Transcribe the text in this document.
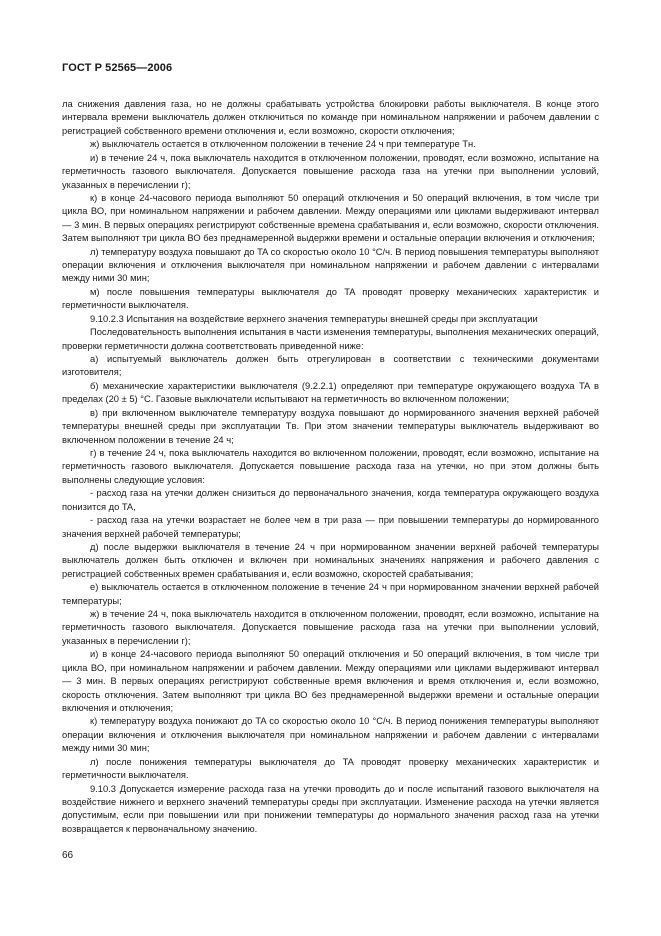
ГОСТ Р 52565—2006

ла снижения давления газа, но не должны срабатывать устройства блокировки работы выключателя. В конце этого интервала времени выключатель должен отключиться по команде при номинальном напряжении и рабочем давлении с регистрацией собственного времени отключения и, если возможно, скорости отключения;

ж) выключатель остается в отключенном положении в течение 24 ч при температуре Tн.

и) в течение 24 ч, пока выключатель находится в отключенном положении, проводят, если возможно, испытание на герметичность газового выключателя. Допускается повышение расхода газа на утечки при выполнении условий, указанных в перечислении г);

к) в конце 24-часового периода выполняют 50 операций отключения и 50 операций включения, в том числе три цикла ВО, при номинальном напряжении и рабочем давлении. Между операциями или циклами выдерживают интервал — 3 мин. В первых операциях регистрируют собственные времена срабатывания и, если возможно, скорости отключения. Затем выполняют три цикла ВО без преднамеренной выдержки времени и остальные операции включения и отключения;

л) температуру воздуха повышают до TA со скоростью около 10 °С/ч. В период повышения температуры выполняют операции включения и отключения выключателя при номинальном напряжении и рабочем давлении с интервалами между ними 30 мин;

м) после повышения температуры выключателя до TA проводят проверку механических характеристик и герметичности выключателя.

9.10.2.3 Испытания на воздействие верхнего значения температуры внешней среды при эксплуатации

Последовательность выполнения испытания в части изменения температуры, выполнения механических операций, проверки герметичности должна соответствовать приведенной ниже:

а) испытуемый выключатель должен быть отрегулирован в соответствии с техническими документами изготовителя;

б) механические характеристики выключателя (9.2.2.1) определяют при температуре окружающего воздуха TA в пределах (20 ± 5) °С. Газовые выключатели испытывают на герметичность во включенном положении;

в) при включенном выключателе температуру воздуха повышают до нормированного значения верхней рабочей температуры внешней среды при эксплуатации Tв. При этом значении температуры выключатель выдерживают во включенном положении в течение 24 ч;

г) в течение 24 ч, пока выключатель находится во включенном положении, проводят, если возможно, испытание на герметичность газового выключателя. Допускается повышение расхода газа на утечки, но при этом должны быть выполнены следующие условия:

- расход газа на утечки должен снизиться до первоначального значения, когда температура окружающего воздуха понизится до TA,

- расход газа на утечки возрастает не более чем в три раза — при повышении температуры до нормированного значения верхней рабочей температуры;

д) после выдержки выключателя в течение 24 ч при нормированном значении верхней рабочей температуры выключатель должен быть отключен и включен при номинальных значениях напряжения и рабочего давления с регистрацией собственных времен срабатывания и, если возможно, скоростей срабатывания;

е) выключатель остается в отключенном положение в течение 24 ч при нормированном значении верхней рабочей температуры;

ж) в течение 24 ч, пока выключатель находится в отключенном положении, проводят, если возможно, испытание на герметичность газового выключателя. Допускается повышение расхода газа на утечки при выполнении условий, указанных в перечислении г);

и) в конце 24-часового периода выполняют 50 операций отключения и 50 операций включения, в том числе три цикла ВО, при номинальном напряжении и рабочем давлении. Между операциями или циклами выдерживают интервал — 3 мин. В первых операциях регистрируют собственные время включения и время отключения и, если возможно, скорость отключения. Затем выполняют три цикла ВО без преднамеренной выдержки времени и остальные операции включения и отключения;

к) температуру воздуха понижают до TA со скоростью около 10 °С/ч. В период понижения температуры выполняют операции включения и отключения выключателя при номинальном напряжении и рабочем давлении с интервалами между ними 30 мин;

л) после понижения температуры выключателя до TA проводят проверку механических характеристик и герметичности выключателя.

9.10.3 Допускается измерение расхода газа на утечки проводить до и после испытаний газового выключателя на воздействие нижнего и верхнего значений температуры среды при эксплуатации. Изменение расхода на утечки является допустимым, если при повышении или при понижении температуры до нормального значения расход газа на утечки возвращается к первоначальному значению.

66
